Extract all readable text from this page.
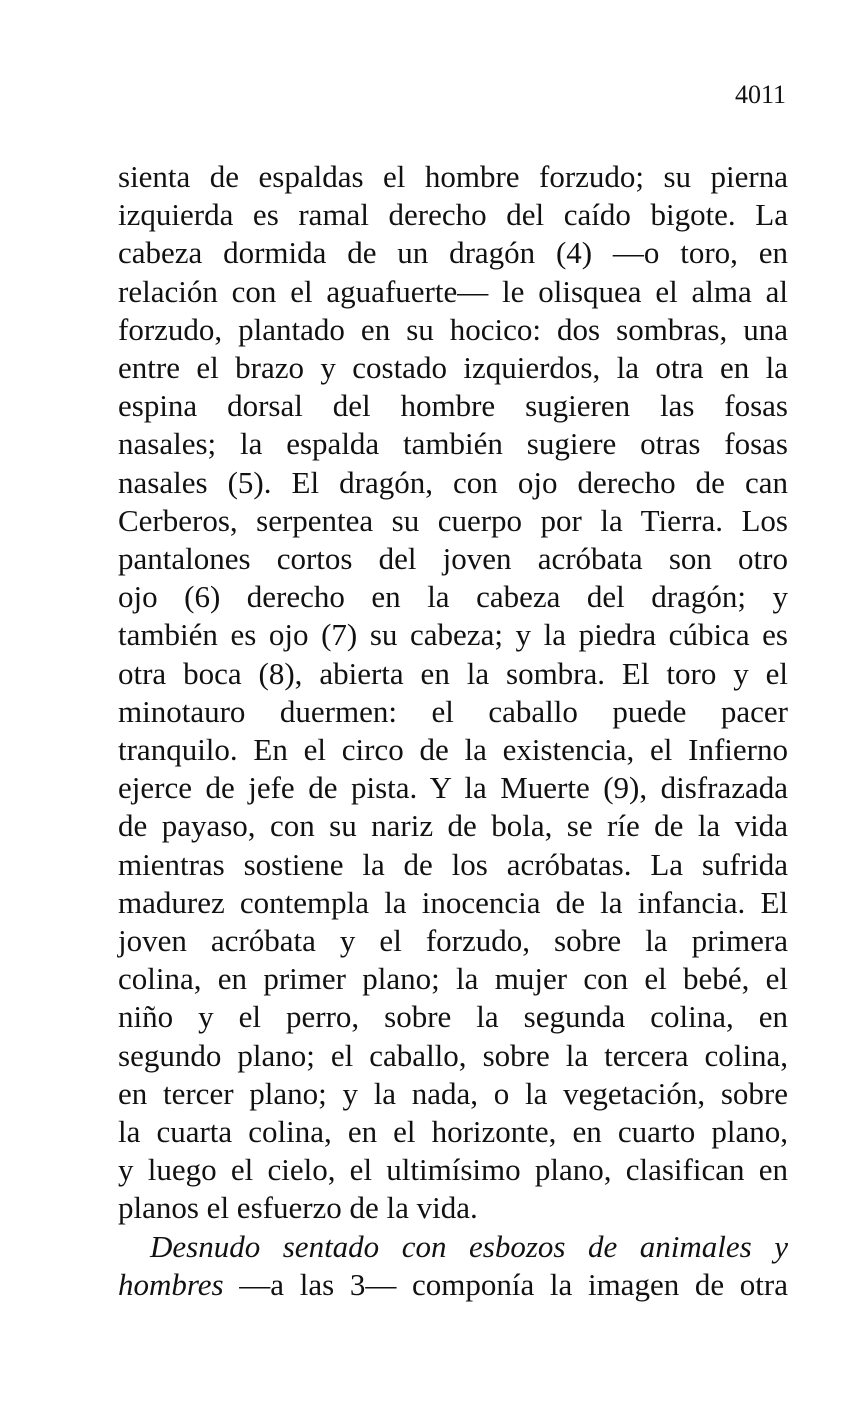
4011
sienta de espaldas el hombre forzudo; su pierna
izquierda es ramal derecho del caído bigote. La
cabeza dormida de un dragón (4) —o toro, en
relación con el aguafuerte— le olisquea el alma al
forzudo, plantado en su hocico: dos sombras, una
entre el brazo y costado izquierdos, la otra en la
espina dorsal del hombre sugieren las fosas
nasales; la espalda también sugiere otras fosas
nasales (5). El dragón, con ojo derecho de can
Cerberos, serpentea su cuerpo por la Tierra. Los
pantalones cortos del joven acróbata son otro
ojo (6) derecho en la cabeza del dragón; y
también es ojo (7) su cabeza; y la piedra cúbica es
otra boca (8), abierta en la sombra. El toro y el
minotauro duermen: el caballo puede pacer
tranquilo. En el circo de la existencia, el Infierno
ejerce de jefe de pista. Y la Muerte (9), disfrazada
de payaso, con su nariz de bola, se ríe de la vida
mientras sostiene la de los acróbatas. La sufrida
madurez contempla la inocencia de la infancia. El
joven acróbata y el forzudo, sobre la primera
colina, en primer plano; la mujer con el bebé, el
niño y el perro, sobre la segunda colina, en
segundo plano; el caballo, sobre la tercera colina,
en tercer plano; y la nada, o la vegetación, sobre
la cuarta colina, en el horizonte, en cuarto plano,
y luego el cielo, el ultimísimo plano, clasifican en
planos el esfuerzo de la vida.
Desnudo sentado con esbozos de animales y
hombres —a las 3— componía la imagen de otra
